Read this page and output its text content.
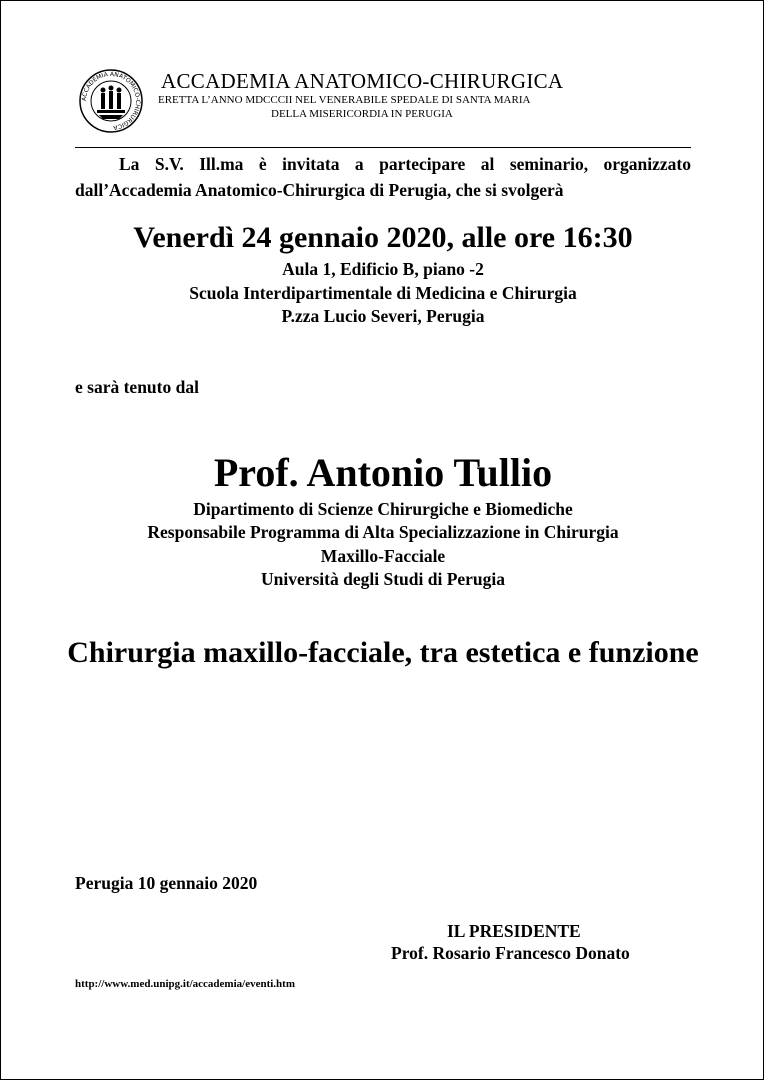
ACCADEMIA ANATOMICO-CHIRURGICA
ACCADEMIA ANATOMICO-CHIRURGICA
ERETTA L’ANNO MDCCCII NEL VENERABILE SPEDALE DI SANTA MARIA
DELLA MISERICORDIA IN PERUGIA
La S.V. Ill.ma è invitata a partecipare al seminario, organizzato dall’Accademia Anatomico-Chirurgica di Perugia, che si svolgerà
Venerdì 24 gennaio 2020, alle ore 16:30
Aula 1, Edificio B, piano -2
Scuola Interdipartimentale di Medicina e Chirurgia
P.zza Lucio Severi, Perugia
e sarà tenuto dal
Prof. Antonio Tullio
Dipartimento di Scienze Chirurgiche e Biomediche
Responsabile Programma di Alta Specializzazione in Chirurgia
Maxillo-Facciale
Università degli Studi di Perugia
Chirurgia maxillo-facciale, tra estetica e funzione
Perugia 10 gennaio 2020
IL PRESIDENTE
Prof. Rosario Francesco Donato
http://www.med.unipg.it/accademia/eventi.htm
